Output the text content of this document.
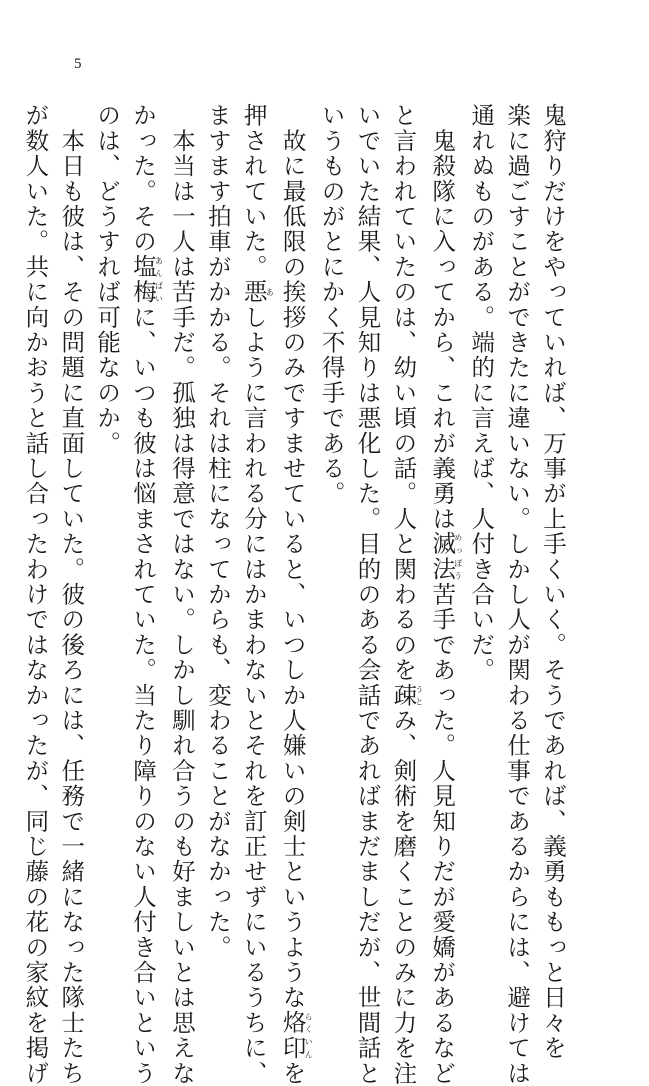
5
鬼狩りだけをやっていれば、万事が上手くいく。そうであれば、義勇ももっと日々を
楽に過ごすことができたに違いない。しかし人が関わる仕事であるからには、避けては
通れぬものがある。端的に言えば、人付き合いだ。
　鬼殺隊に入ってから、これが義勇は滅法めっぽう苦手であった。人見知りだが愛嬌があるなど
と言われていたのは、幼い頃の話。人と関わるのを疎うとみ、剣術を磨くことのみに力を注
いでいた結果、人見知りは悪化した。目的のある会話であればまだましだが、世間話と
いうものがとにかく不得手である。
　故に最低限の挨拶のみですませていると、いつしか人嫌いの剣士というような烙印らくいんを
押されていた。悪あしように言われる分にはかまわないとそれを訂正せずにいるうちに、
ますます拍車がかかる。それは柱になってからも、変わることがなかった。
　本当は一人は苦手だ。孤独は得意ではない。しかし馴れ合うのも好ましいとは思えな
かった。その塩梅あんばいに、いつも彼は悩まされていた。当たり障りのない人付き合いという
のは、どうすれば可能なのか。
　本日も彼は、その問題に直面していた。彼の後ろには、任務で一緒になった隊士たち
が数人いた。共に向かおうと話し合ったわけではなかったが、同じ藤の花の家紋を掲げ
